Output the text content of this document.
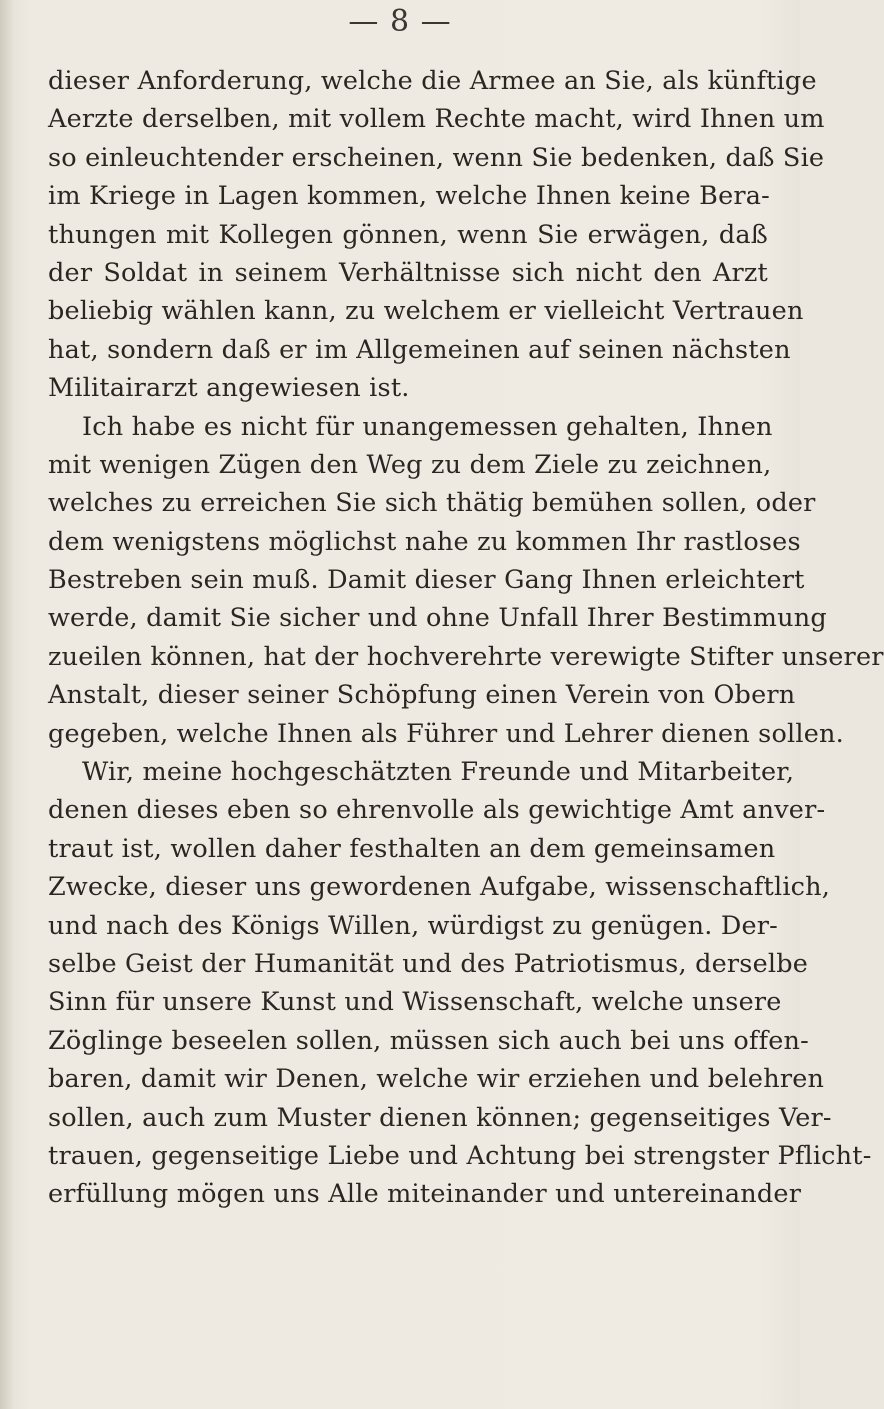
— 8 —
dieser Anforderung, welche die Armee an Sie, als künftige
Aerzte derselben, mit vollem Rechte macht, wird Ihnen um
so einleuchtender erscheinen, wenn Sie bedenken, daß Sie
im Kriege in Lagen kommen, welche Ihnen keine Bera-
thungen mit Kollegen gönnen, wenn Sie erwägen, daß
der Soldat in seinem Verhältnisse sich nicht den Arzt
beliebig wählen kann, zu welchem er vielleicht Vertrauen
hat, sondern daß er im Allgemeinen auf seinen nächsten
Militairarzt angewiesen ist.
Ich habe es nicht für unangemessen gehalten, Ihnen
mit wenigen Zügen den Weg zu dem Ziele zu zeichnen,
welches zu erreichen Sie sich thätig bemühen sollen, oder
dem wenigstens möglichst nahe zu kommen Ihr rastloses
Bestreben sein muß. Damit dieser Gang Ihnen erleichtert
werde, damit Sie sicher und ohne Unfall Ihrer Bestimmung
zueilen können, hat der hochverehrte verewigte Stifter unserer
Anstalt, dieser seiner Schöpfung einen Verein von Obern
gegeben, welche Ihnen als Führer und Lehrer dienen sollen.
Wir, meine hochgeschätzten Freunde und Mitarbeiter,
denen dieses eben so ehrenvolle als gewichtige Amt anver-
traut ist, wollen daher festhalten an dem gemeinsamen
Zwecke, dieser uns gewordenen Aufgabe, wissenschaftlich,
und nach des Königs Willen, würdigst zu genügen. Der-
selbe Geist der Humanität und des Patriotismus, derselbe
Sinn für unsere Kunst und Wissenschaft, welche unsere
Zöglinge beseelen sollen, müssen sich auch bei uns offen-
baren, damit wir Denen, welche wir erziehen und belehren
sollen, auch zum Muster dienen können; gegenseitiges Ver-
trauen, gegenseitige Liebe und Achtung bei strengster Pflicht-
erfüllung mögen uns Alle miteinander und untereinander
